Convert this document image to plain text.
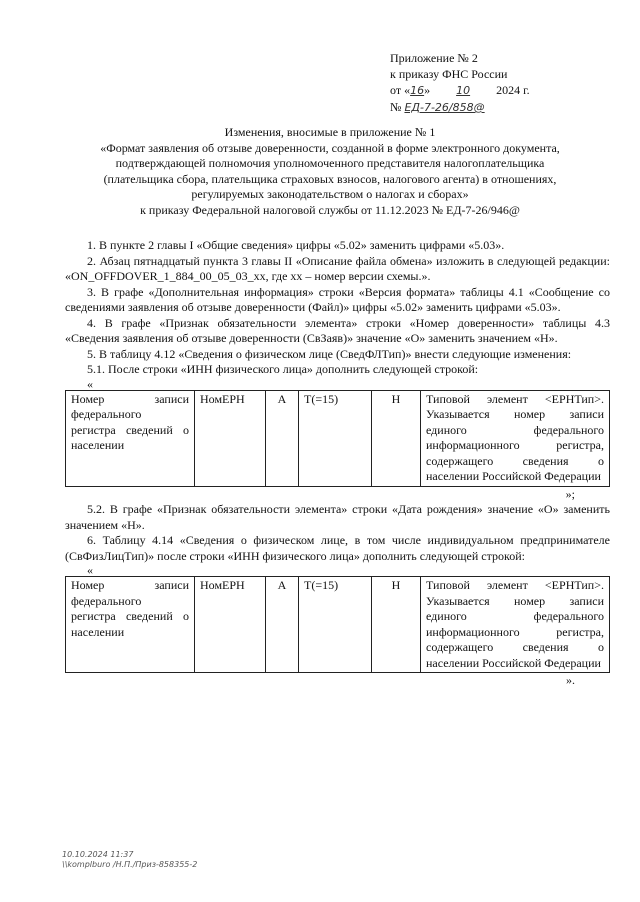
Приложение № 2
к приказу ФНС России
от «16» 10 2024 г.
№ ЕД-7-26/858@
Изменения, вносимые в приложение № 1
«Формат заявления об отзыве доверенности, созданной в форме электронного документа,
подтверждающей полномочия уполномоченного представителя налогоплательщика
(плательщика сбора, плательщика страховых взносов, налогового агента) в отношениях,
регулируемых законодательством о налогах и сборах»
к приказу Федеральной налоговой службы от 11.12.2023 № ЕД-7-26/946@

1. В пункте 2 главы I «Общие сведения» цифры «5.02» заменить цифрами «5.03».

2. Абзац пятнадцатый пункта 3 главы II «Описание файла обмена» изложить в следующей редакции: «ON_OFFDOVER_1_884_00_05_03_xx, где xx – номер версии схемы.».

3. В графе «Дополнительная информация» строки «Версия формата» таблицы 4.1 «Сообщение со сведениями заявления об отзыве доверенности (Файл)» цифры «5.02» заменить цифрами «5.03».

4. В графе «Признак обязательности элемента» строки «Номер доверенности» таблицы 4.3 «Сведения заявления об отзыве доверенности (СвЗаяв)» значение «О» заменить значением «Н».

5. В таблицу 4.12 «Сведения о физическом лице (СведФЛТип)» внести следующие изменения:

5.1. После строки «ИНН физического лица» дополнить следующей строкой:

«

Номер записи федерального регистра сведений о населении	НомЕРН	А	T(=15)	Н	Типовой элемент <ЕРНТип>. Указывается номер записи единого федерального информационного регистра, содержащего сведения о населении Российской Федерации

»;

5.2. В графе «Признак обязательности элемента» строки «Дата рождения» значение «О» заменить значением «Н».

6. Таблицу 4.14 «Сведения о физическом лице, в том числе индивидуальном предпринимателе (СвФизЛицТип)» после строки «ИНН физического лица» дополнить следующей строкой:

«

Номер записи федерального регистра сведений о населении	НомЕРН	А	T(=15)	Н	Типовой элемент <ЕРНТип>. Указывается номер записи единого федерального информационного регистра, содержащего сведения о населении Российской Федерации

».

10.10.2024 11:37
\\komplburo /Н.П./Приз-858355-2
